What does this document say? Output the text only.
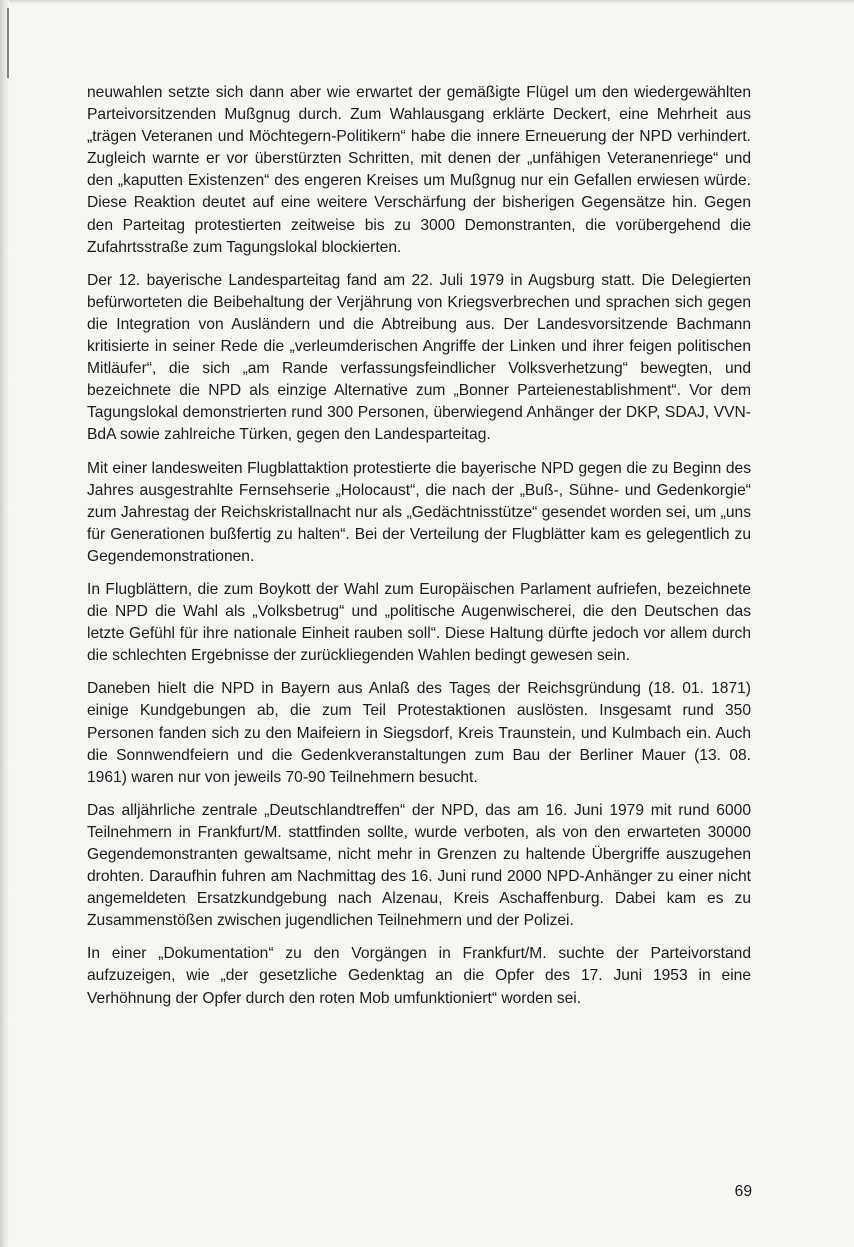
neuwahlen setzte sich dann aber wie erwartet der gemäßigte Flügel um den wiedergewählten Parteivorsitzenden Mußgnug durch. Zum Wahlausgang erklärte Deckert, eine Mehrheit aus „trägen Veteranen und Möchtegern-Politikern“ habe die innere Erneuerung der NPD verhindert. Zugleich warnte er vor überstürzten Schritten, mit denen der „unfähigen Veteranenriege“ und den „kaputten Existenzen“ des engeren Kreises um Mußgnug nur ein Gefallen erwiesen würde. Diese Reaktion deutet auf eine weitere Verschärfung der bisherigen Gegensätze hin. Gegen den Parteitag protestierten zeitweise bis zu 3000 Demonstranten, die vorübergehend die Zufahrtsstraße zum Tagungslokal blockierten.

Der 12. bayerische Landesparteitag fand am 22. Juli 1979 in Augsburg statt. Die Delegierten befürworteten die Beibehaltung der Verjährung von Kriegsverbrechen und sprachen sich gegen die Integration von Ausländern und die Abtreibung aus. Der Landesvorsitzende Bachmann kritisierte in seiner Rede die „verleumderischen Angriffe der Linken und ihrer feigen politischen Mitläufer“, die sich „am Rande verfassungsfeindlicher Volksverhetzung“ bewegten, und bezeichnete die NPD als einzige Alternative zum „Bonner Parteienestablishment“. Vor dem Tagungslokal demonstrierten rund 300 Personen, überwiegend Anhänger der DKP, SDAJ, VVN-BdA sowie zahlreiche Türken, gegen den Landesparteitag.

Mit einer landesweiten Flugblattaktion protestierte die bayerische NPD gegen die zu Beginn des Jahres ausgestrahlte Fernsehserie „Holocaust“, die nach der „Buß-, Sühne- und Gedenkorgie“ zum Jahrestag der Reichskristallnacht nur als „Gedächtnisstütze“ gesendet worden sei, um „uns für Generationen bußfertig zu halten“. Bei der Verteilung der Flugblätter kam es gelegentlich zu Gegendemonstrationen.

In Flugblättern, die zum Boykott der Wahl zum Europäischen Parlament aufriefen, bezeichnete die NPD die Wahl als „Volksbetrug“ und „politische Augenwischerei, die den Deutschen das letzte Gefühl für ihre nationale Einheit rauben soll“. Diese Haltung dürfte jedoch vor allem durch die schlechten Ergebnisse der zurückliegenden Wahlen bedingt gewesen sein.

Daneben hielt die NPD in Bayern aus Anlaß des Tages der Reichsgründung (18. 01. 1871) einige Kundgebungen ab, die zum Teil Protestaktionen auslösten. Insgesamt rund 350 Personen fanden sich zu den Maifeiern in Siegsdorf, Kreis Traunstein, und Kulmbach ein. Auch die Sonnwendfeiern und die Gedenkveranstaltungen zum Bau der Berliner Mauer (13. 08. 1961) waren nur von jeweils 70-90 Teilnehmern besucht.

Das alljährliche zentrale „Deutschlandtreffen“ der NPD, das am 16. Juni 1979 mit rund 6000 Teilnehmern in Frankfurt/M. stattfinden sollte, wurde verboten, als von den erwarteten 30000 Gegendemonstranten gewaltsame, nicht mehr in Grenzen zu haltende Übergriffe auszugehen drohten. Daraufhin fuhren am Nachmittag des 16. Juni rund 2000 NPD-Anhänger zu einer nicht angemeldeten Ersatzkundgebung nach Alzenau, Kreis Aschaffenburg. Dabei kam es zu Zusammenstößen zwischen jugendlichen Teilnehmern und der Polizei.

In einer „Dokumentation“ zu den Vorgängen in Frankfurt/M. suchte der Parteivorstand aufzuzeigen, wie „der gesetzliche Gedenktag an die Opfer des 17. Juni 1953 in eine Verhöhnung der Opfer durch den roten Mob umfunktioniert“ worden sei.

69
